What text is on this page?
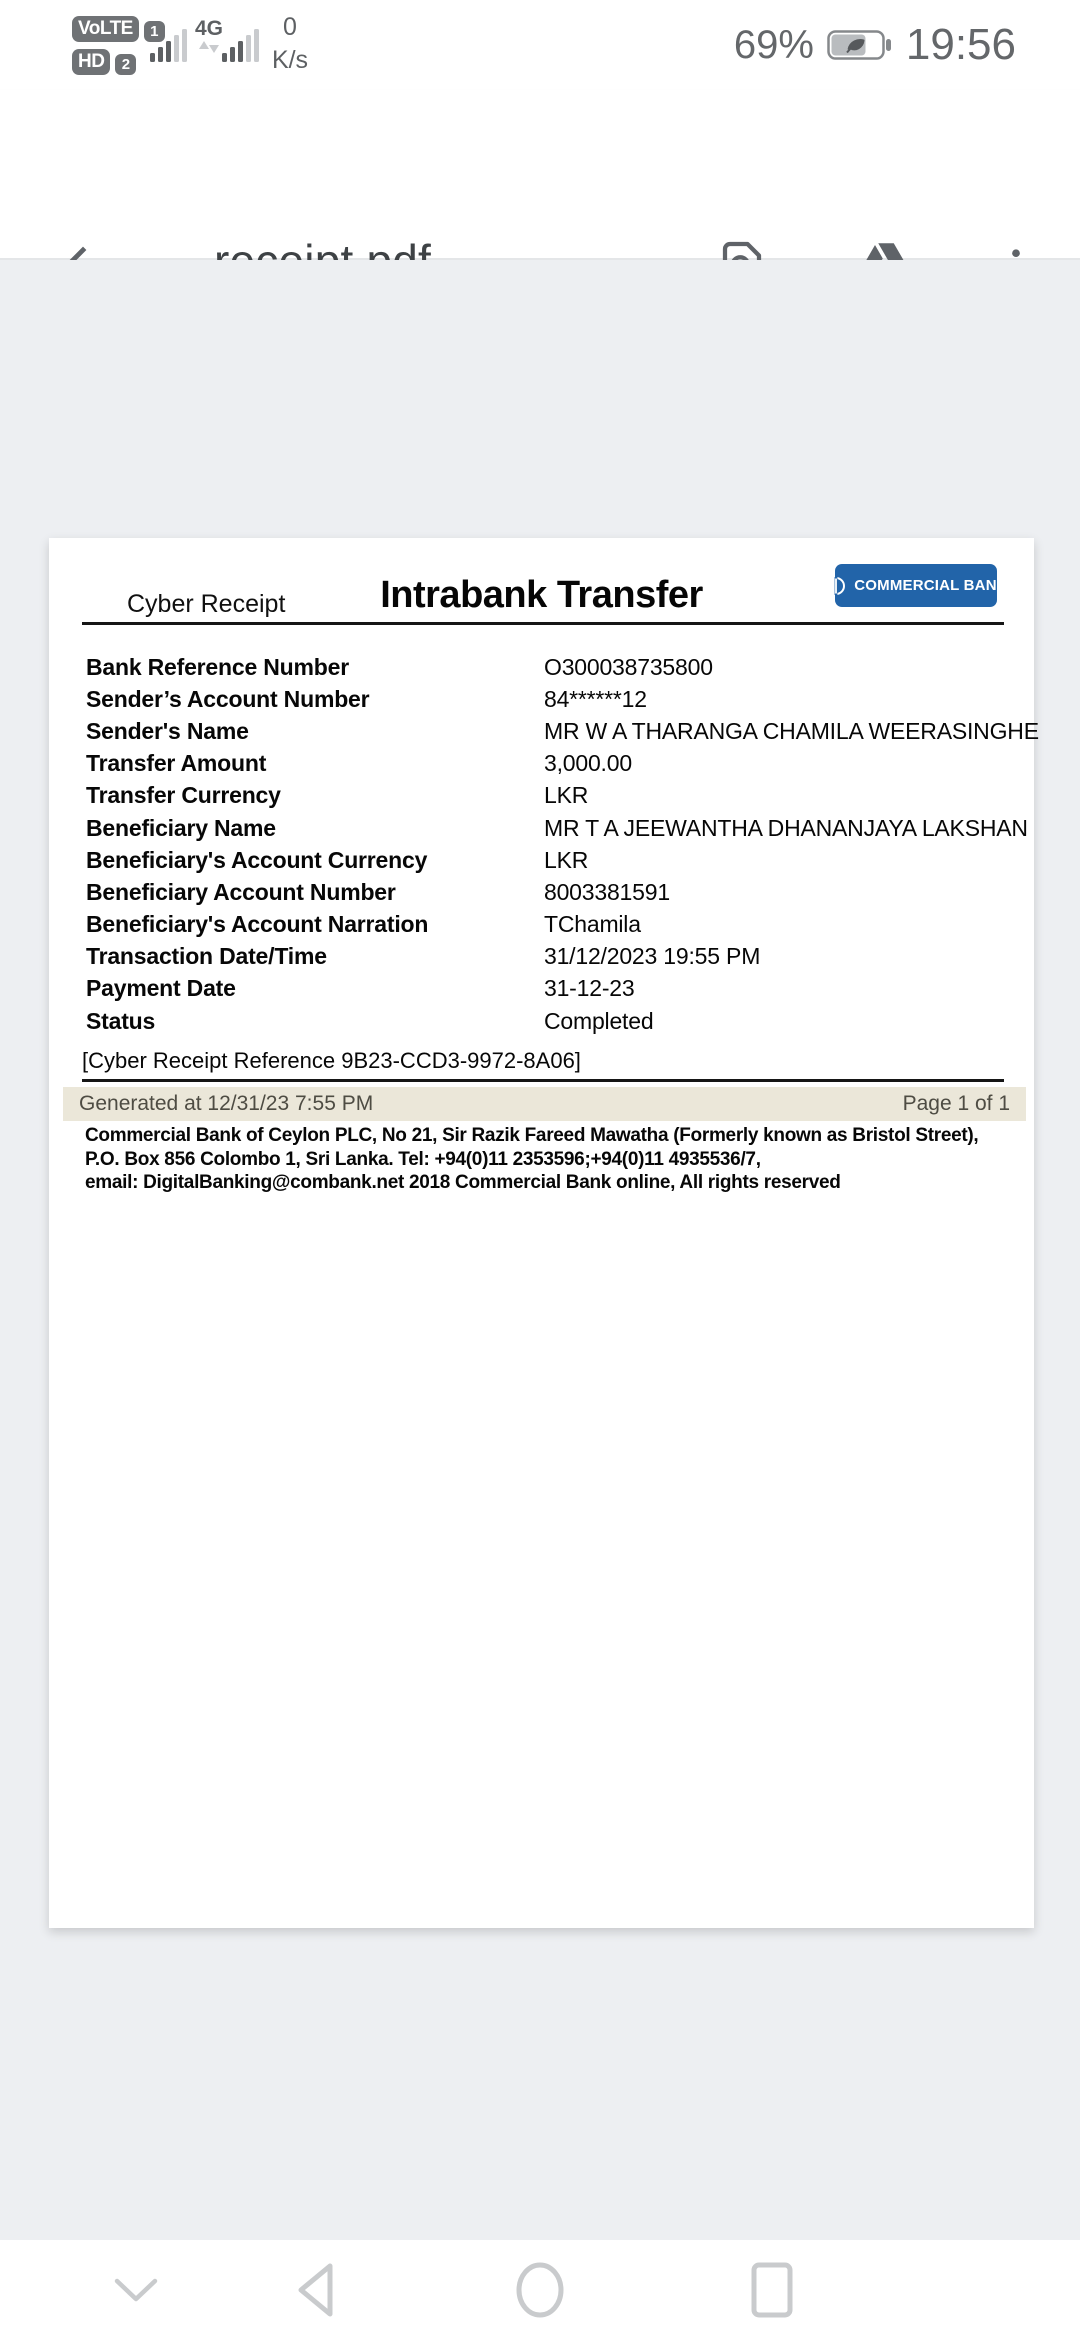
VoLTE	1
HD	2
4G	0
K/s	69% 19:56
Cyber Receipt	Intrabank Transfer	COMMERCIAL BANK
Bank Reference Number	O300038735800
Sender’s Account Number	84******12
Sender's Name	MR W A THARANGA CHAMILA WEERASINGHE
Transfer Amount	3,000.00
Transfer Currency	LKR
Beneficiary Name	MR T A JEEWANTHA DHANANJAYA LAKSHAN
Beneficiary's Account Currency	LKR
Beneficiary Account Number	8003381591
Beneficiary's Account Narration	TChamila
Transaction Date/Time	31/12/2023 19:55 PM
Payment Date	31-12-23
Status	Completed
[Cyber Receipt Reference 9B23-CCD3-9972-8A06]
Generated at 12/31/23 7:55 PM	Page 1 of 1
Commercial Bank of Ceylon PLC, No 21, Sir Razik Fareed Mawatha (Formerly known as Bristol Street),
P.O. Box 856 Colombo 1, Sri Lanka. Tel: +94(0)11 2353596;+94(0)11 4935536/7,
email: DigitalBanking@combank.net 2018 Commercial Bank online, All rights reserved
